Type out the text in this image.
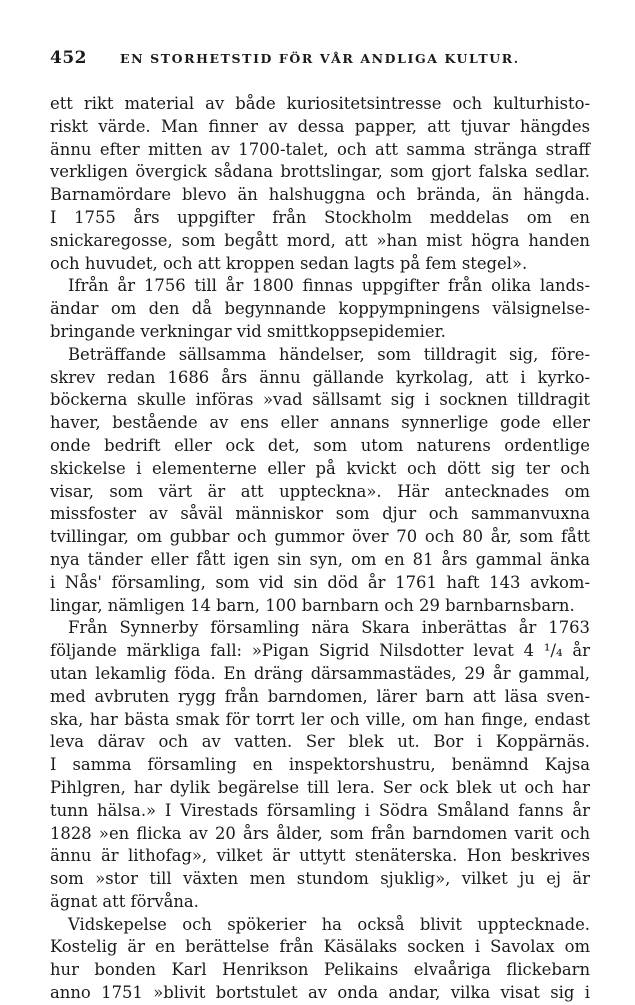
452	EN STORHETSTID FÖR VÅR ANDLIGA KULTUR.
ett rikt material av både kuriositetsintresse och kulturhisto-
riskt värde. Man finner av dessa papper, att tjuvar hängdes
ännu efter mitten av 1700-talet, och att samma stränga straff
verkligen övergick sådana brottslingar, som gjort falska sedlar.
Barnamördare blevo än halshuggna och brända, än hängda.
I 1755 års uppgifter från Stockholm meddelas om en
snickaregosse, som begått mord, att »han mist högra handen
och huvudet, och att kroppen sedan lagts på fem stegel».
Ifrån år 1756 till år 1800 finnas uppgifter från olika lands-
ändar om den då begynnande koppympningens välsignelse-
bringande verkningar vid smittkoppsepidemier.
Beträffande sällsamma händelser, som tilldragit sig, före-
skrev redan 1686 års ännu gällande kyrkolag, att i kyrko-
böckerna skulle införas »vad sällsamt sig i socknen tilldragit
haver, bestående av ens eller annans synnerlige gode eller
onde bedrift eller ock det, som utom naturens ordentlige
skickelse i elementerne eller på kvickt och dött sig ter och
visar, som värt är att uppteckna». Här antecknades om
missfoster av såväl människor som djur och sammanvuxna
tvillingar, om gubbar och gummor över 70 och 80 år, som fått
nya tänder eller fått igen sin syn, om en 81 års gammal änka
i Nås' församling, som vid sin död år 1761 haft 143 avkom-
lingar, nämligen 14 barn, 100 barnbarn och 29 barnbarnsbarn.
Från Synnerby församling nära Skara inberättas år 1763
följande märkliga fall: »Pigan Sigrid Nilsdotter levat 4 ¹/₄ år
utan lekamlig föda. En dräng därsammastädes, 29 år gammal,
med avbruten rygg från barndomen, lärer barn att läsa sven-
ska, har bästa smak för torrt ler och ville, om han finge, endast
leva därav och av vatten. Ser blek ut. Bor i Koppärnäs.
I samma församling en inspektorshustru, benämnd Kajsa
Pihlgren, har dylik begärelse till lera. Ser ock blek ut och har
tunn hälsa.» I Virestads församling i Södra Småland fanns år
1828 »en flicka av 20 års ålder, som från barndomen varit och
ännu är lithofag», vilket är uttytt stenäterska. Hon beskrives
som »stor till växten men stundom sjuklig», vilket ju ej är
ägnat att förvåna.
Vidskepelse och spökerier ha också blivit upptecknade.
Kostelig är en berättelse från Käsälaks socken i Savolax om
hur bonden Karl Henrikson Pelikains elvaåriga flickebarn
anno 1751 »blivit bortstulet av onda andar, vilka visat sig i
